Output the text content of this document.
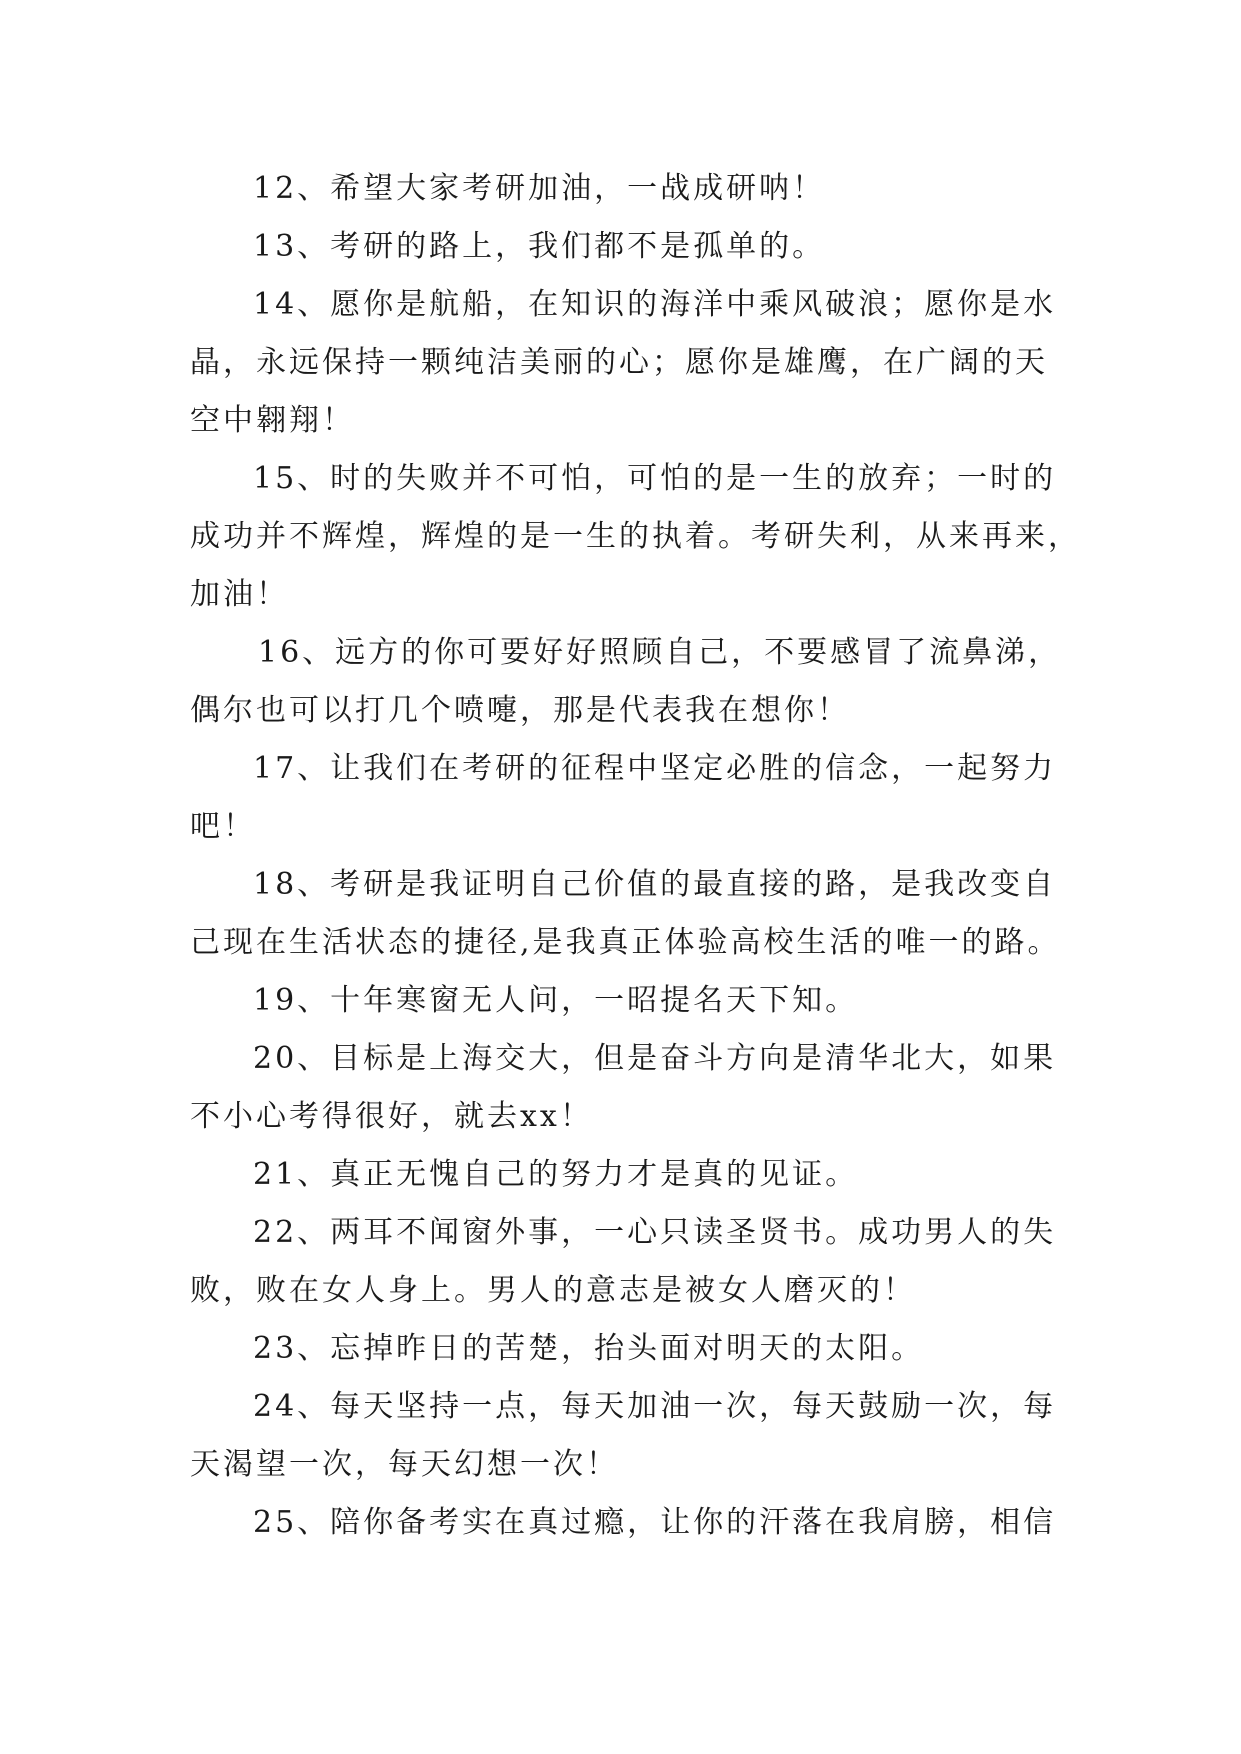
12、希望大家考研加油，一战成研呐！
13、考研的路上，我们都不是孤单的。
14、愿你是航船，在知识的海洋中乘风破浪；愿你是水
晶，永远保持一颗纯洁美丽的心；愿你是雄鹰，在广阔的天
空中翱翔！
15、时的失败并不可怕，可怕的是一生的放弃；一时的
成功并不辉煌，辉煌的是一生的执着。考研失利，从来再来，
加油！
16、远方的你可要好好照顾自己，不要感冒了流鼻涕，
偶尔也可以打几个喷嚏，那是代表我在想你！
17、让我们在考研的征程中坚定必胜的信念，一起努力
吧！
18、考研是我证明自己价值的最直接的路，是我改变自
己现在生活状态的捷径,是我真正体验高校生活的唯一的路。
19、十年寒窗无人问，一昭提名天下知。
20、目标是上海交大，但是奋斗方向是清华北大，如果
不小心考得很好，就去xx！
21、真正无愧自己的努力才是真的见证。
22、两耳不闻窗外事，一心只读圣贤书。成功男人的失
败，败在女人身上。男人的意志是被女人磨灭的！
23、忘掉昨日的苦楚，抬头面对明天的太阳。
24、每天坚持一点，每天加油一次，每天鼓励一次，每
天渴望一次，每天幻想一次！
25、陪你备考实在真过瘾，让你的汗落在我肩膀，相信
